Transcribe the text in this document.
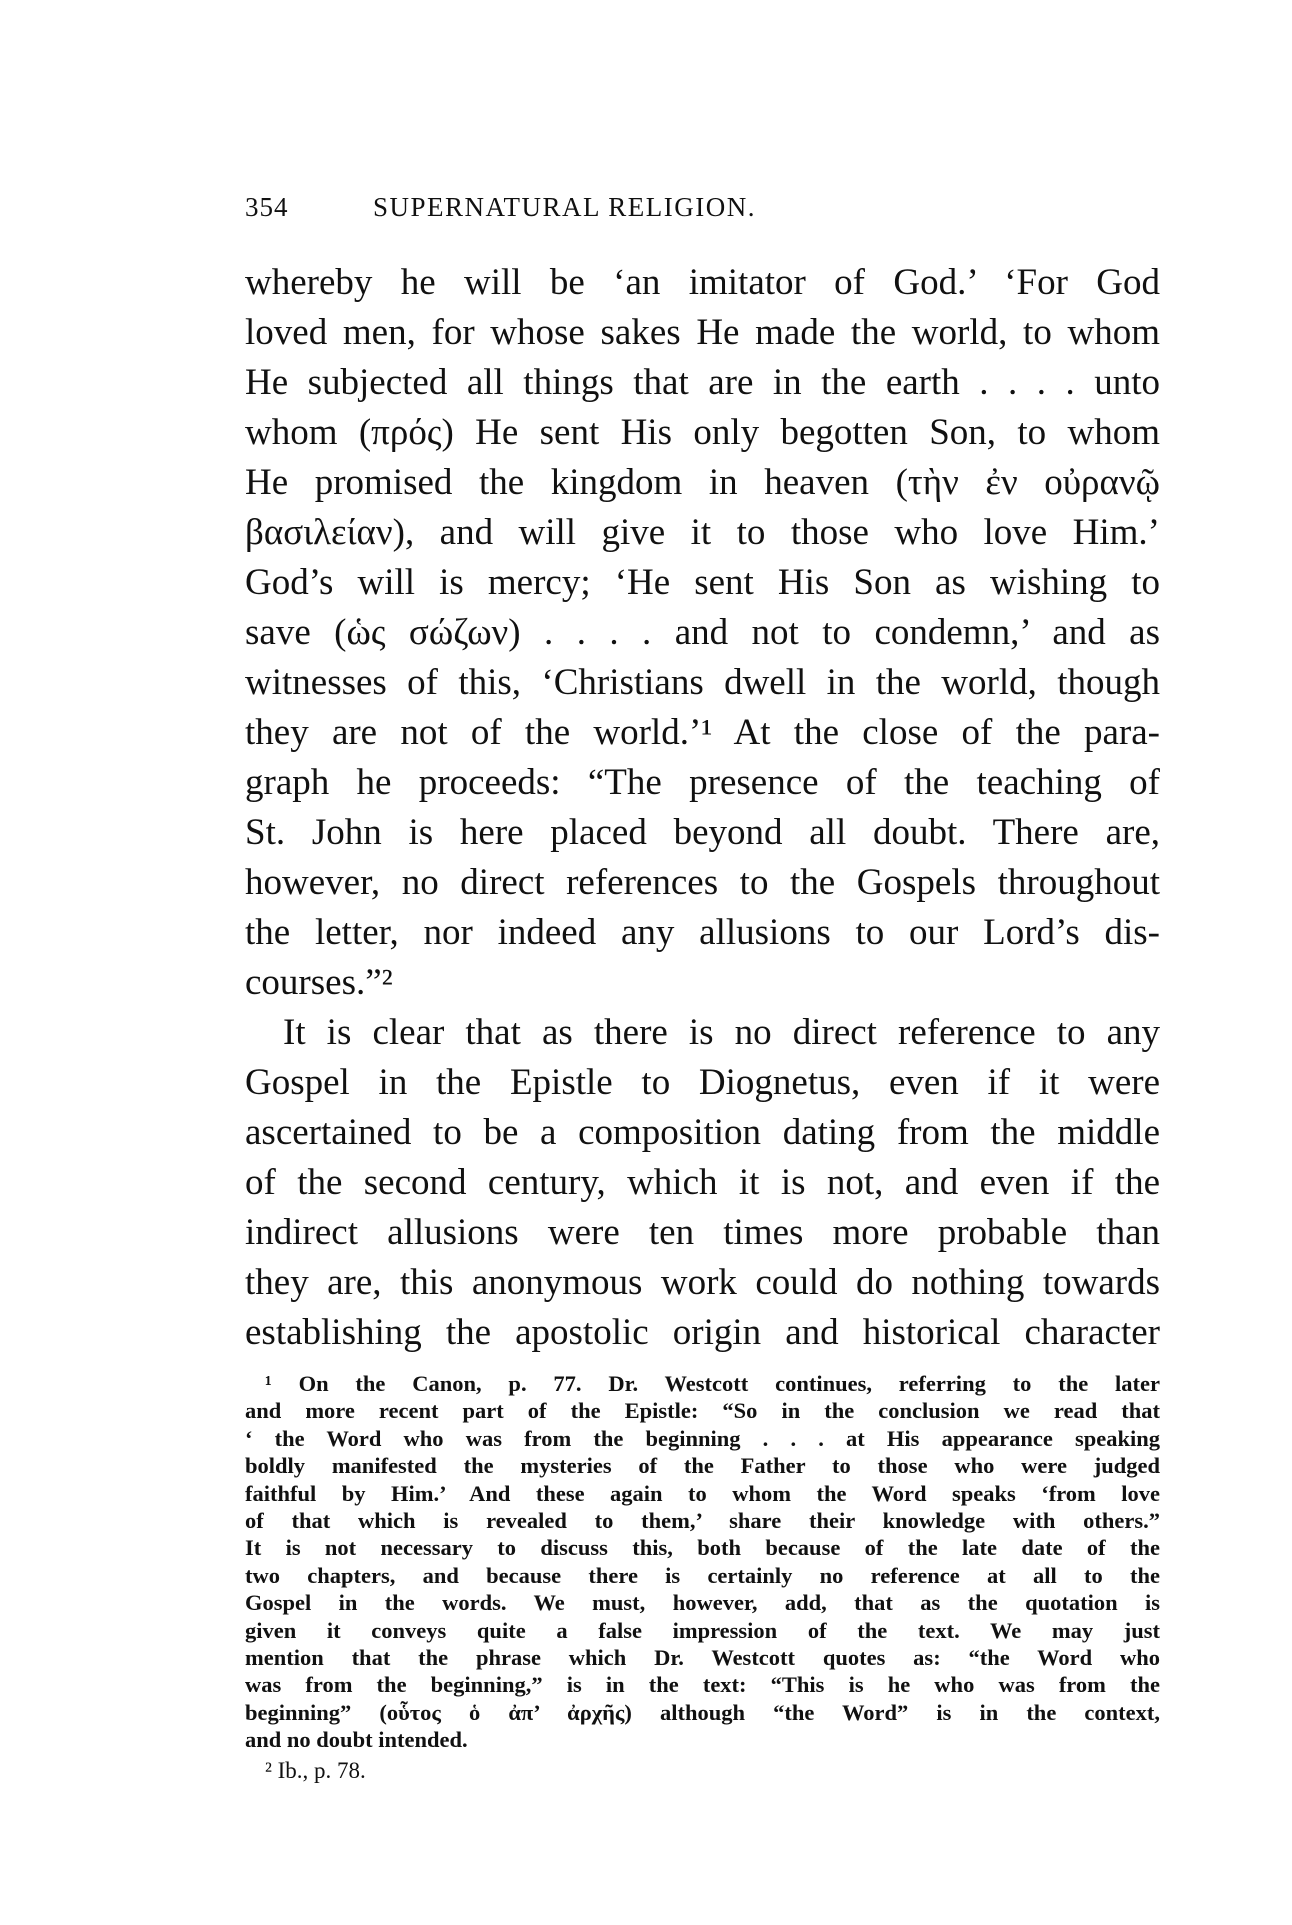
354	SUPERNATURAL RELIGION.
whereby he will be ‘an imitator of God.’ ‘For God
loved men, for whose sakes He made the world, to whom
He subjected all things that are in the earth . . . . unto
whom (πρός) He sent His only begotten Son, to whom
He promised the kingdom in heaven (τὴν ἐν οὐρανῷ
βασιλείαν), and will give it to those who love Him.’
God’s will is mercy; ‘He sent His Son as wishing to
save (ὡς σώζων) . . . . and not to condemn,’ and as
witnesses of this, ‘Christians dwell in the world, though
they are not of the world.’¹ At the close of the para-
graph he proceeds: “The presence of the teaching of
St. John is here placed beyond all doubt. There are,
however, no direct references to the Gospels throughout
the letter, nor indeed any allusions to our Lord’s dis-
courses.”²
It is clear that as there is no direct reference to any
Gospel in the Epistle to Diognetus, even if it were
ascertained to be a composition dating from the middle
of the second century, which it is not, and even if the
indirect allusions were ten times more probable than
they are, this anonymous work could do nothing towards
establishing the apostolic origin and historical character
¹ On the Canon, p. 77. Dr. Westcott continues, referring to the later
and more recent part of the Epistle: “So in the conclusion we read that
‘ the Word who was from the beginning . . . at His appearance speaking
boldly manifested the mysteries of the Father to those who were judged
faithful by Him.’ And these again to whom the Word speaks ‘from love
of that which is revealed to them,’ share their knowledge with others.”
It is not necessary to discuss this, both because of the late date of the
two chapters, and because there is certainly no reference at all to the
Gospel in the words. We must, however, add, that as the quotation is
given it conveys quite a false impression of the text. We may just
mention that the phrase which Dr. Westcott quotes as: “the Word who
was from the beginning,” is in the text: “This is he who was from the
beginning” (οὗτος ὁ ἀπ’ ἀρχῆς) although “the Word” is in the context,
and no doubt intended.
² Ib., p. 78.
